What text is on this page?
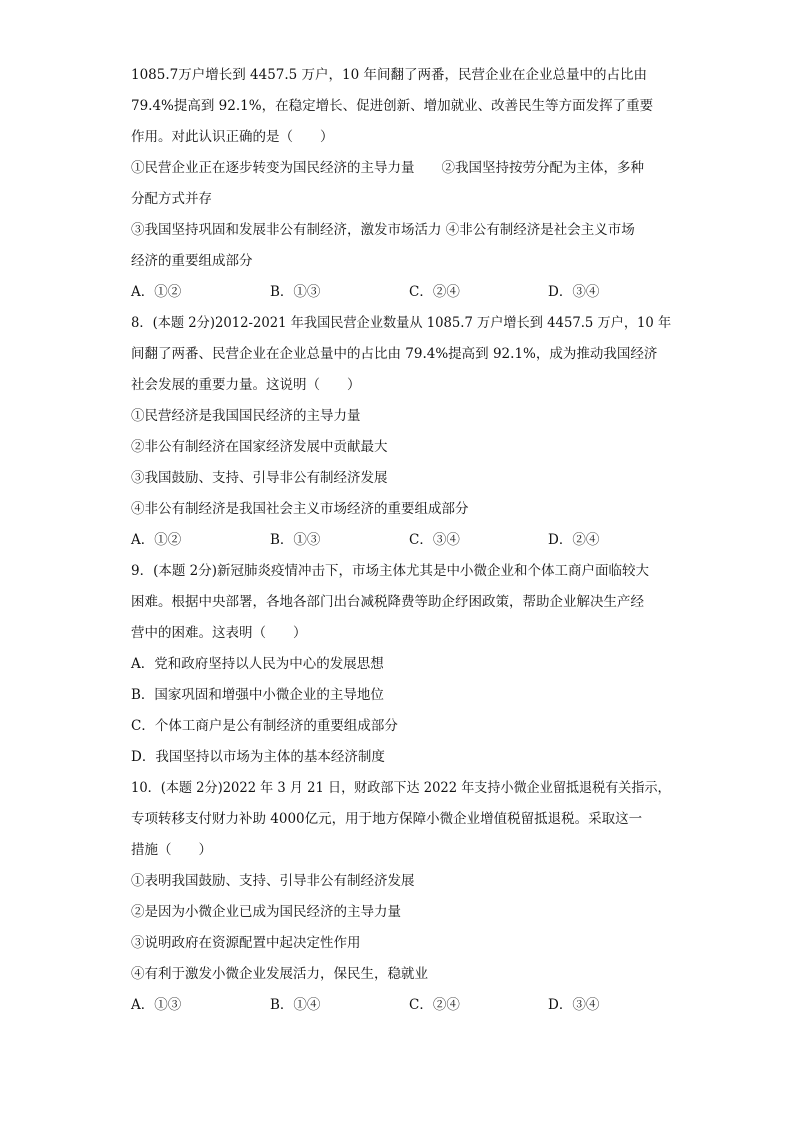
1085.7万户增长到 4457.5 万户，10 年间翻了两番，民营企业在企业总量中的占比由
79.4%提高到 92.1%，在稳定增长、促进创新、增加就业、改善民生等方面发挥了重要
作用。对此认识正确的是（　　）
①民营企业正在逐步转变为国民经济的主导力量　　②我国坚持按劳分配为主体，多种
分配方式并存
③我国坚持巩固和发展非公有制经济，激发市场活力 ④非公有制经济是社会主义市场
经济的重要组成部分
A．①②	B．①③	C．②④	D．③④
8．(本题 2分)2012-2021 年我国民营企业数量从 1085.7 万户增长到 4457.5 万户，10 年
间翻了两番、民营企业在企业总量中的占比由 79.4%提高到 92.1%，成为推动我国经济
社会发展的重要力量。这说明（　　）
①民营经济是我国国民经济的主导力量
②非公有制经济在国家经济发展中贡献最大
③我国鼓励、支持、引导非公有制经济发展
④非公有制经济是我国社会主义市场经济的重要组成部分
A．①②	B．①③	C．③④	D．②④
9．(本题 2分)新冠肺炎疫情冲击下，市场主体尤其是中小微企业和个体工商户面临较大
困难。根据中央部署，各地各部门出台减税降费等助企纾困政策，帮助企业解决生产经
营中的困难。这表明（　　）
A．党和政府坚持以人民为中心的发展思想
B．国家巩固和增强中小微企业的主导地位
C．个体工商户是公有制经济的重要组成部分
D．我国坚持以市场为主体的基本经济制度
10．(本题 2分)2022 年 3 月 21 日，财政部下达 2022 年支持小微企业留抵退税有关指示，
专项转移支付财力补助 4000亿元，用于地方保障小微企业增值税留抵退税。采取这一
措施（　　）
①表明我国鼓励、支持、引导非公有制经济发展
②是因为小微企业已成为国民经济的主导力量
③说明政府在资源配置中起决定性作用
④有利于激发小微企业发展活力，保民生，稳就业
A．①③	B．①④	C．②④	D．③④
